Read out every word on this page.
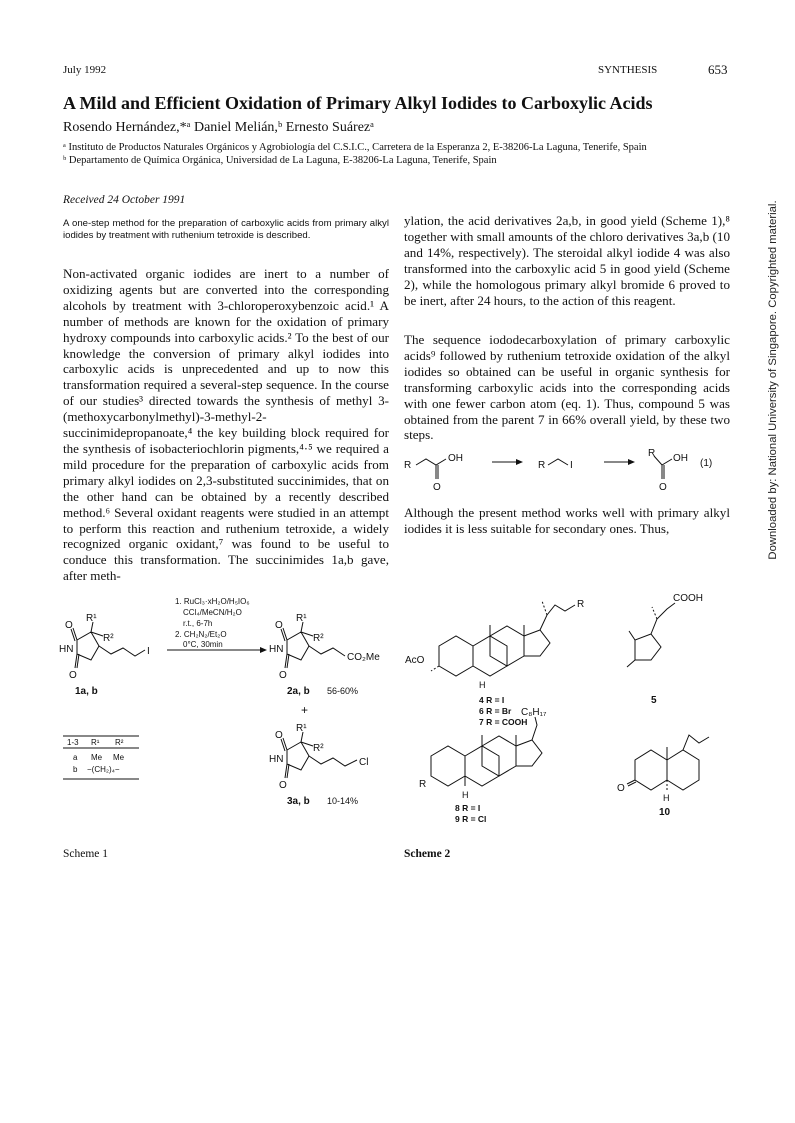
July 1992	SYNTHESIS	653
A Mild and Efficient Oxidation of Primary Alkyl Iodides to Carboxylic Acids
Rosendo Hernández,*ᵃ Daniel Melián,ᵇ Ernesto Suárezᵃ
ᵃ Instituto de Productos Naturales Orgánicos y Agrobiología del C.S.I.C., Carretera de la Esperanza 2, E-38206-La Laguna, Tenerife, Spain
ᵇ Departamento de Química Orgánica, Universidad de La Laguna, E-38206-La Laguna, Tenerife, Spain
Received 24 October 1991
A one-step method for the preparation of carboxylic acids from primary alkyl iodides by treatment with ruthenium tetroxide is described.
Non-activated organic iodides are inert to a number of oxidizing agents but are converted into the corresponding alcohols by treatment with 3-chloroperoxybenzoic acid.¹ A number of methods are known for the oxidation of primary hydroxy compounds into carboxylic acids.² To the best of our knowledge the conversion of primary alkyl iodides into carboxylic acids is unprecedented and up to now this transformation required a several-step sequence. In the course of our studies³ directed towards the synthesis of methyl 3-(methoxycarbonylmethyl)-3-methyl-2-succinimidepropanoate,⁴ the key building block required for the synthesis of isobacteriochlorin pigments,⁴·⁵ we required a mild procedure for the preparation of carboxylic acids from primary alkyl iodides on 2,3-substituted succinimides, that on the other hand can be obtained by a recently described method.⁶ Several oxidant reagents were studied in an attempt to perform this reaction and ruthenium tetroxide, a widely recognized organic oxidant,⁷ was found to be useful to conduce this transformation. The succinimides 1a,b gave, after meth-
ylation, the acid derivatives 2a,b, in good yield (Scheme 1),⁸ together with small amounts of the chloro derivatives 3a,b (10 and 14%, respectively). The steroidal alkyl iodide 4 was also transformed into the carboxylic acid 5 in good yield (Scheme 2), while the homologous primary alkyl bromide 6 proved to be inert, after 24 hours, to the action of this reagent.
The sequence iododecarboxylation of primary carboxylic acids⁹ followed by ruthenium tetroxide oxidation of the alkyl iodides so obtained can be useful in organic synthesis for transforming carboxylic acids into the corresponding acids with one fewer carbon atom (eq. 1). Thus, compound 5 was obtained from the parent 7 in 66% overall yield, by these two steps.
R
OH
O
R I
R OH
O
(1)
Although the present method works well with primary alkyl iodides it is less suitable for secondary ones. Thus,
1. RuCl₃·xH₂O/H₅IO₆
CCl₄/MeCN/H₂O
r.t., 6-7h
2. CH₂N₂/Et₂O
0°C, 30min
O
R¹
R²
HN
O
I
1a, b
O
R¹
R²
HN
O
CO₂Me
2a, b 56-60%
+
O
R¹
R²
HN
O
Cl
3a, b 10-14%
1-3 R¹ R²
a Me Me
b −(CH₂)₄−
Scheme 1
R
AcO
H
4 R = I
6 R = Br
7 R = COOH
COOH
5
C₈H₁₇
R
H
8 R = I
9 R = Cl
O
H
10
Scheme 2
Downloaded by: National University of Singapore. Copyrighted material.
